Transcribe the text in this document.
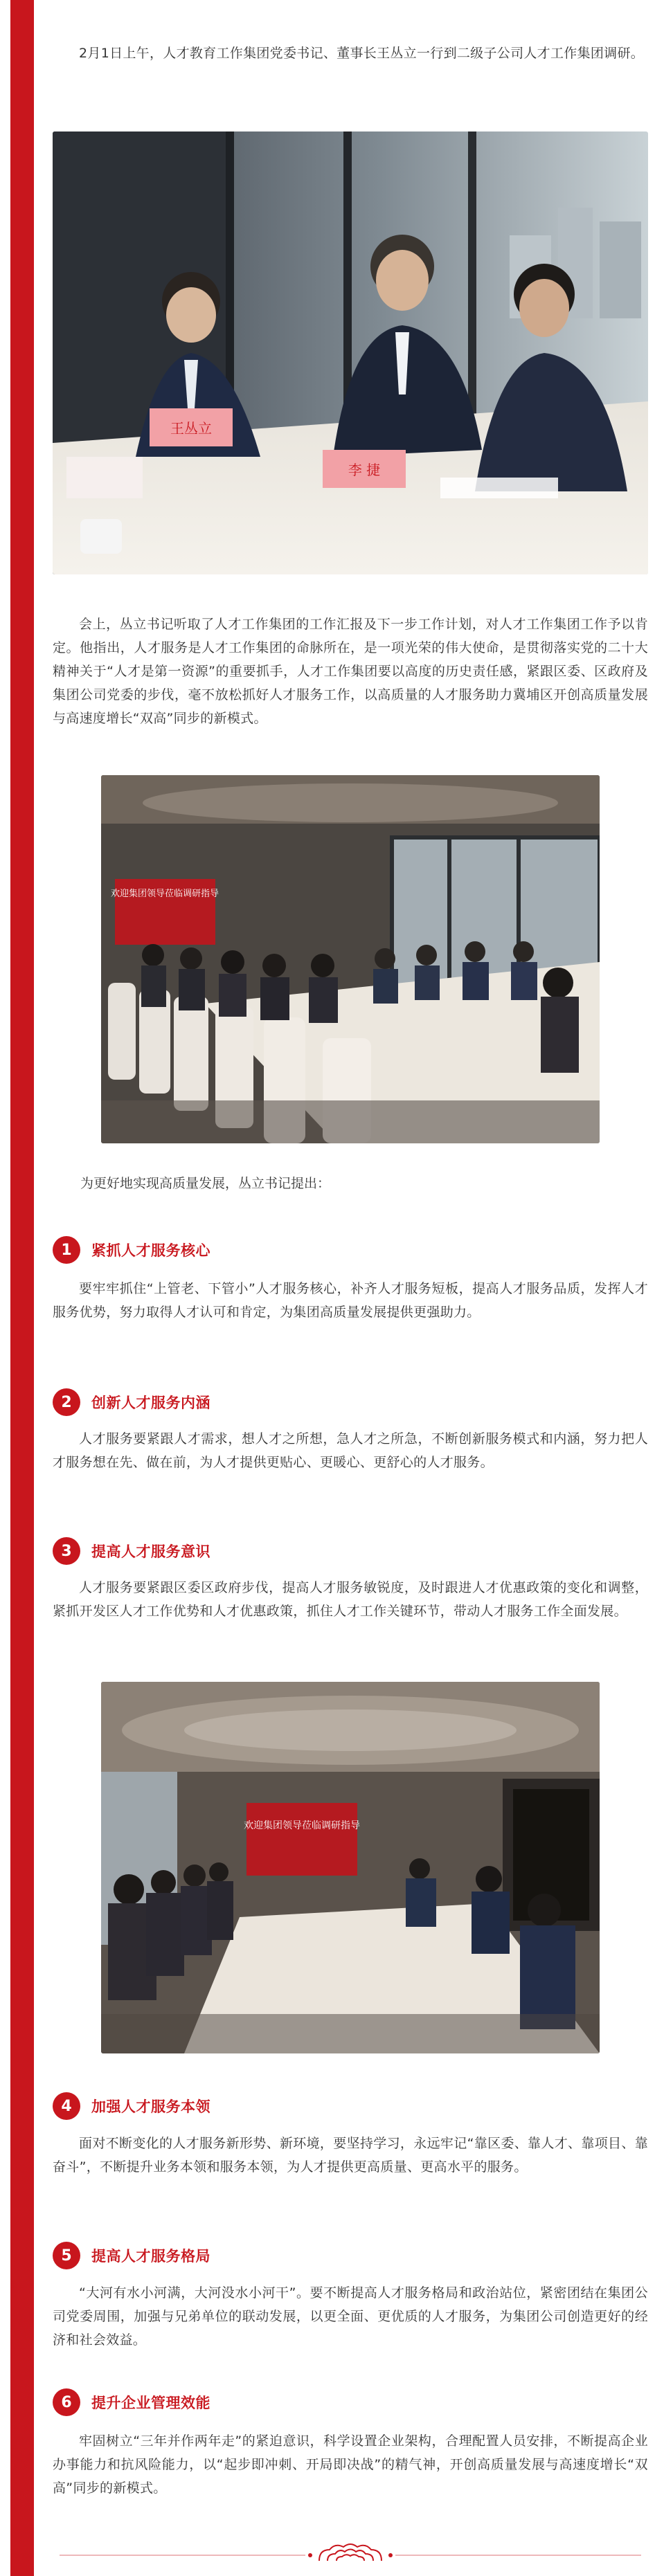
2月1日上午，人才教育工作集团党委书记、董事长王丛立一行到二级子公司人才工作集团调研。

王丛立
李 捷

会上，丛立书记听取了人才工作集团的工作汇报及下一步工作计划，对人才工作集团工作予以肯定。他指出，人才服务是人才工作集团的命脉所在，是一项光荣的伟大使命，是贯彻落实党的二十大精神关于“人才是第一资源”的重要抓手，人才工作集团要以高度的历史责任感，紧跟区委、区政府及集团公司党委的步伐，毫不放松抓好人才服务工作，以高质量的人才服务助力冀埔区开创高质量发展与高速度增长“双高”同步的新模式。

欢迎集团领导莅临调研指导

为更好地实现高质量发展，丛立书记提出：

1	紧抓人才服务核心

要牢牢抓住“上管老、下管小”人才服务核心，补齐人才服务短板，提高人才服务品质，发挥人才服务优势，努力取得人才认可和肯定，为集团高质量发展提供更强助力。

2	创新人才服务内涵

人才服务要紧跟人才需求，想人才之所想，急人才之所急，不断创新服务模式和内涵，努力把人才服务想在先、做在前，为人才提供更贴心、更暖心、更舒心的人才服务。

3	提高人才服务意识

人才服务要紧跟区委区政府步伐，提高人才服务敏锐度，及时跟进人才优惠政策的变化和调整，紧抓开发区人才工作优势和人才优惠政策，抓住人才工作关键环节，带动人才服务工作全面发展。

欢迎集团领导莅临调研指导
4	加强人才服务本领

面对不断变化的人才服务新形势、新环境，要坚持学习，永远牢记“靠区委、靠人才、靠项目、靠奋斗”，不断提升业务本领和服务本领，为人才提供更高质量、更高水平的服务。

5	提高人才服务格局

“大河有水小河满，大河没水小河干”。要不断提高人才服务格局和政治站位，紧密团结在集团公司党委周围，加强与兄弟单位的联动发展，以更全面、更优质的人才服务，为集团公司创造更好的经济和社会效益。

6	提升企业管理效能

牢固树立“三年并作两年走”的紧迫意识，科学设置企业架构，合理配置人员安排，不断提高企业办事能力和抗风险能力，以“起步即冲刺、开局即决战”的精气神，开创高质量发展与高速度增长“双高”同步的新模式。
